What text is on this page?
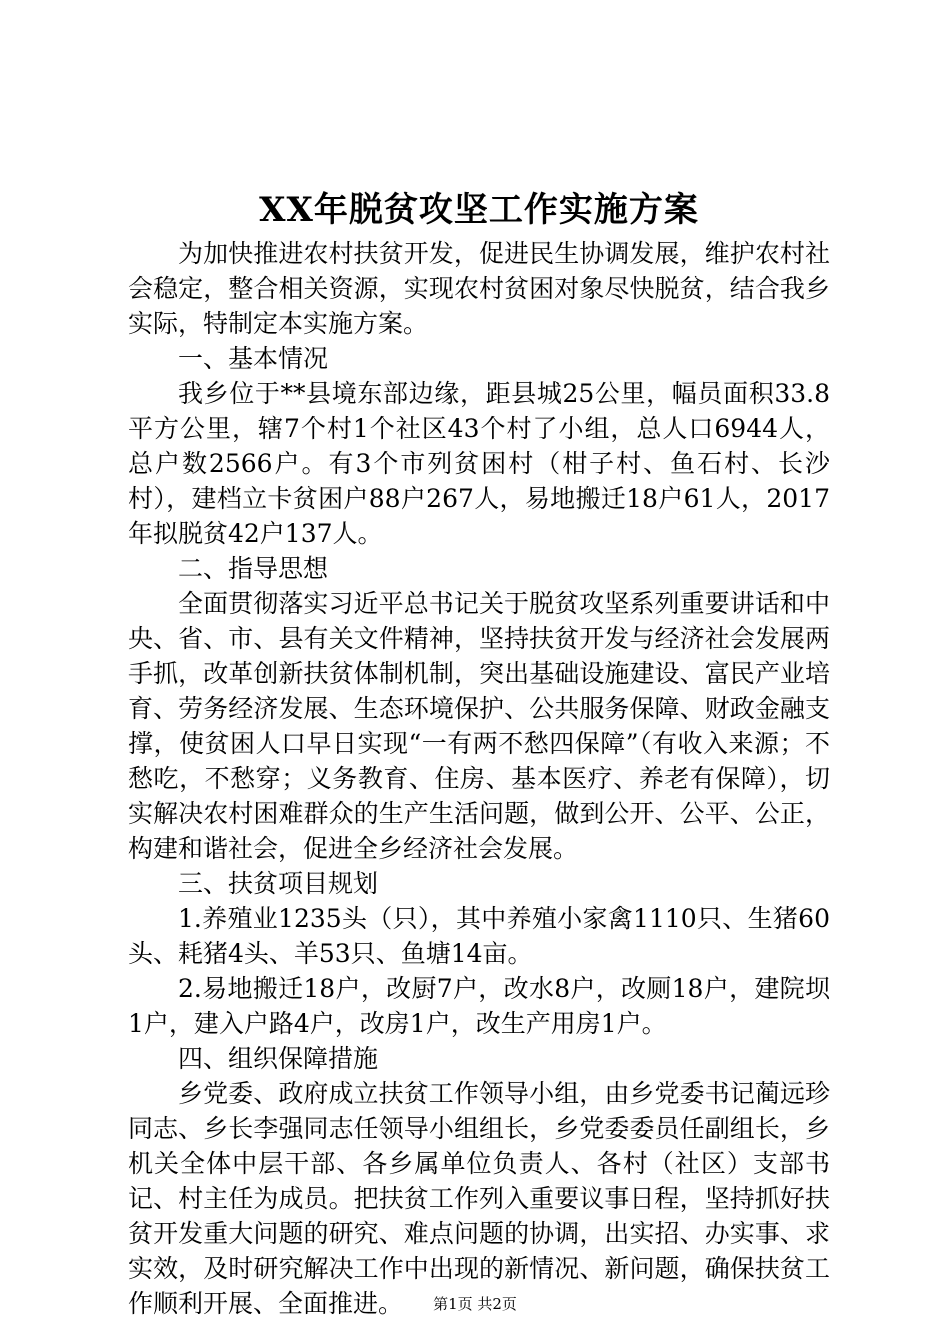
XX年脱贫攻坚工作实施方案

为加快推进农村扶贫开发，促进民生协调发展，维护农村社会稳定，整合相关资源，实现农村贫困对象尽快脱贫，结合我乡实际，特制定本实施方案。

一、基本情况

我乡位于**县境东部边缘，距县城25公里，幅员面积33.8平方公里，辖7个村1个社区43个村了小组，总人口6944人，总户数2566户。有3个市列贫困村（柑子村、鱼石村、长沙村），建档立卡贫困户88户267人，易地搬迁18户61人，2017年拟脱贫42户137人。

二、指导思想

全面贯彻落实习近平总书记关于脱贫攻坚系列重要讲话和中央、省、市、县有关文件精神，坚持扶贫开发与经济社会发展两手抓，改革创新扶贫体制机制，突出基础设施建设、富民产业培育、劳务经济发展、生态环境保护、公共服务保障、财政金融支撑，使贫困人口早日实现“一有两不愁四保障”（有收入来源；不愁吃，不愁穿；义务教育、住房、基本医疗、养老有保障），切实解决农村困难群众的生产生活问题，做到公开、公平、公正，构建和谐社会，促进全乡经济社会发展。

三、扶贫项目规划

1.养殖业1235头（只），其中养殖小家禽1110只、生猪60头、耗猪4头、羊53只、鱼塘14亩。

2.易地搬迁18户，改厨7户，改水8户，改厕18户，建院坝1户，建入户路4户，改房1户，改生产用房1户。

四、组织保障措施

乡党委、政府成立扶贫工作领导小组，由乡党委书记蔺远珍同志、乡长李强同志任领导小组组长，乡党委委员任副组长，乡机关全体中层干部、各乡属单位负责人、各村（社区）支部书记、村主任为成员。把扶贫工作列入重要议事日程，坚持抓好扶贫开发重大问题的研究、难点问题的协调，出实招、办实事、求实效，及时研究解决工作中出现的新情况、新问题，确保扶贫工作顺利开展、全面推进。	第1页 共2页
